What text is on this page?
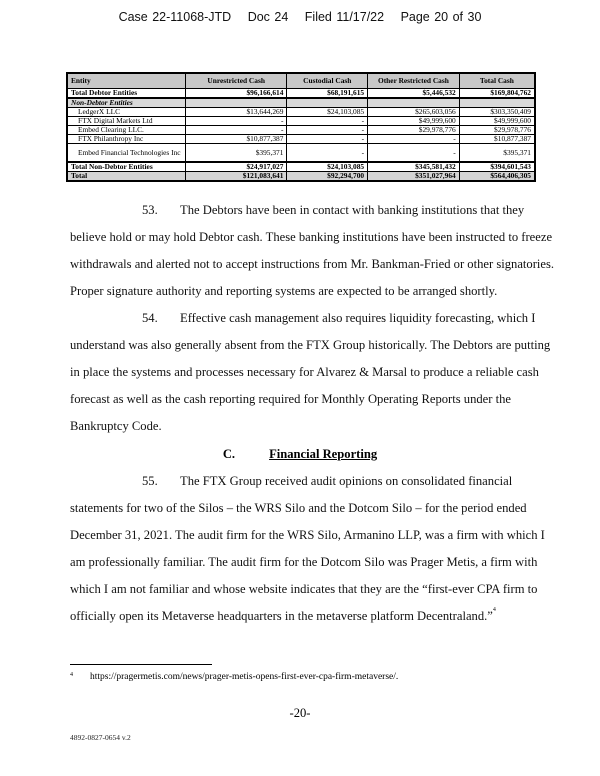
Case 22-11068-JTD Doc 24 Filed 11/17/22 Page 20 of 30
Entity	Unrestricted Cash	Custodial Cash	Other Restricted Cash	Total Cash
Total Debtor Entities	$96,166,614	$68,191,615	$5,446,532	$169,804,762
Non-Debtor Entities				
LedgerX LLC	$13,644,269	$24,103,085	$265,603,056	$303,350,409
FTX Digital Markets Ltd	-	-	$49,999,600	$49,999,600
Embed Clearing LLC.	-	-	$29,978,776	$29,978,776
FTX Philanthropy Inc	$10,877,387	-	-	$10,877,387
Embed Financial Technologies Inc	$395,371	-	-	$395,371
Total Non-Debtor Entities	$24,917,027	$24,103,085	$345,581,432	$394,601,543
Total	$121,083,641	$92,294,700	$351,027,964	$564,406,305
53. The Debtors have been in contact with banking institutions that they
believe hold or may hold Debtor cash. These banking institutions have been instructed to freeze
withdrawals and alerted not to accept instructions from Mr. Bankman-Fried or other signatories.
Proper signature authority and reporting systems are expected to be arranged shortly.
54. Effective cash management also requires liquidity forecasting, which I
understand was also generally absent from the FTX Group historically. The Debtors are putting
in place the systems and processes necessary for Alvarez & Marsal to produce a reliable cash
forecast as well as the cash reporting required for Monthly Operating Reports under the
Bankruptcy Code.
C.	Financial Reporting
55. The FTX Group received audit opinions on consolidated financial
statements for two of the Silos – the WRS Silo and the Dotcom Silo – for the period ended
December 31, 2021. The audit firm for the WRS Silo, Armanino LLP, was a firm with which I
am professionally familiar. The audit firm for the Dotcom Silo was Prager Metis, a firm with
which I am not familiar and whose website indicates that they are the “first-ever CPA firm to
officially open its Metaverse headquarters in the metaverse platform Decentraland.”$^4$
4 https://pragermetis.com/news/prager-metis-opens-first-ever-cpa-firm-metaverse/.
-20-
4892-0827-0654 v.2
